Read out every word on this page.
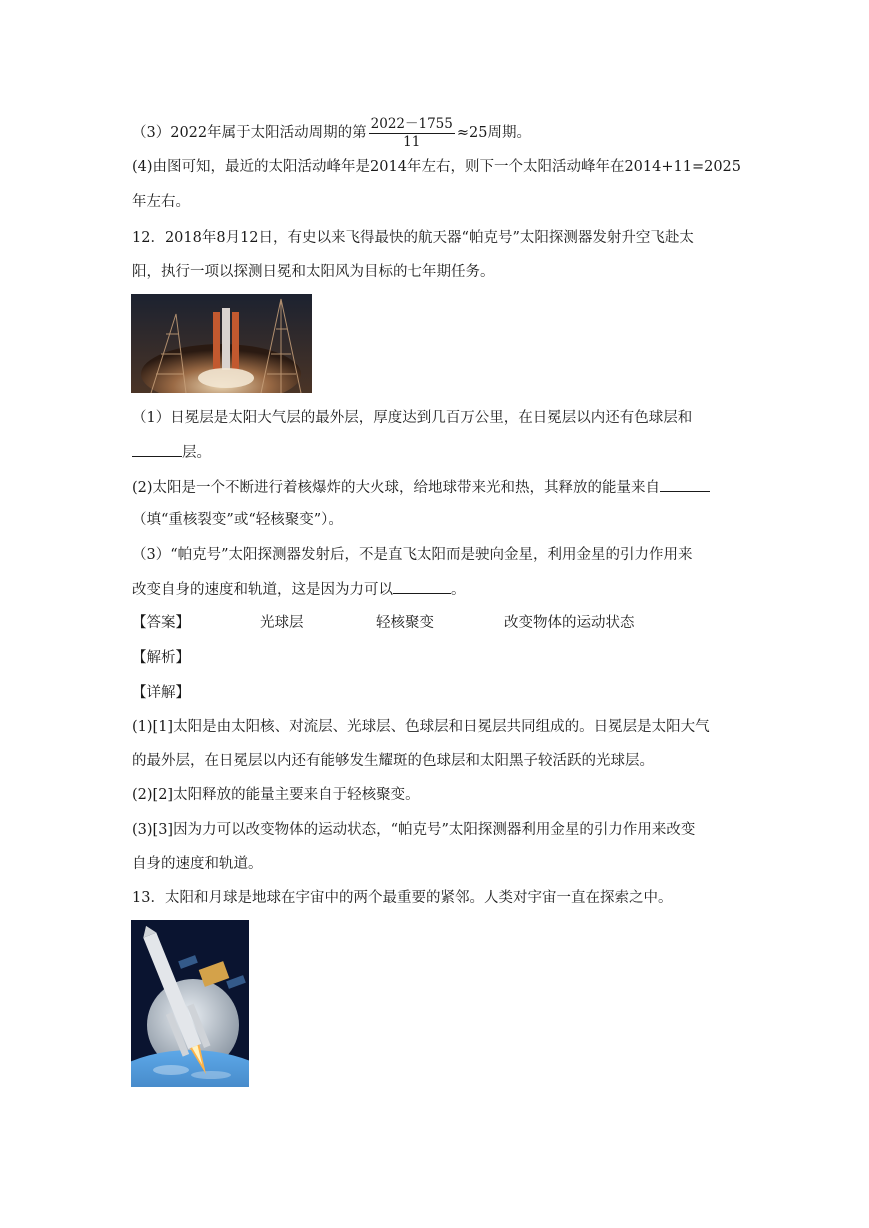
（3）2022年属于太阳活动周期的第 $\frac{2022-1755}{11} \approx 25$周期。
(4)由图可知，最近的太阳活动峰年是2014年左右，则下一个太阳活动峰年在2014+11=2025
年左右。
12．2018年8月12日，有史以来飞得最快的航天器“帕克号”太阳探测器发射升空飞赴太
阳，执行一项以探测日冕和太阳风为目标的七年期任务。
（1）日冕层是太阳大气层的最外层，厚度达到几百万公里，在日冕层以内还有色球层和
层。
(2)太阳是一个不断进行着核爆炸的大火球，给地球带来光和热，其释放的能量来自
（填“重核裂变”或“轻核聚变”）。
（3）“帕克号”太阳探测器发射后，不是直飞太阳而是驶向金星，利用金星的引力作用来
改变自身的速度和轨道，这是因为力可以	。
【答案】	光球层	轻核聚变	改变物体的运动状态
【解析】
【详解】
(1)[1]太阳是由太阳核、对流层、光球层、色球层和日冕层共同组成的。日冕层是太阳大气
的最外层，在日冕层以内还有能够发生耀斑的色球层和太阳黑子较活跃的光球层。
(2)[2]太阳释放的能量主要来自于轻核聚变。
(3)[3]因为力可以改变物体的运动状态，“帕克号”太阳探测器利用金星的引力作用来改变
自身的速度和轨道。
13．太阳和月球是地球在宇宙中的两个最重要的紧邻。人类对宇宙一直在探索之中。
